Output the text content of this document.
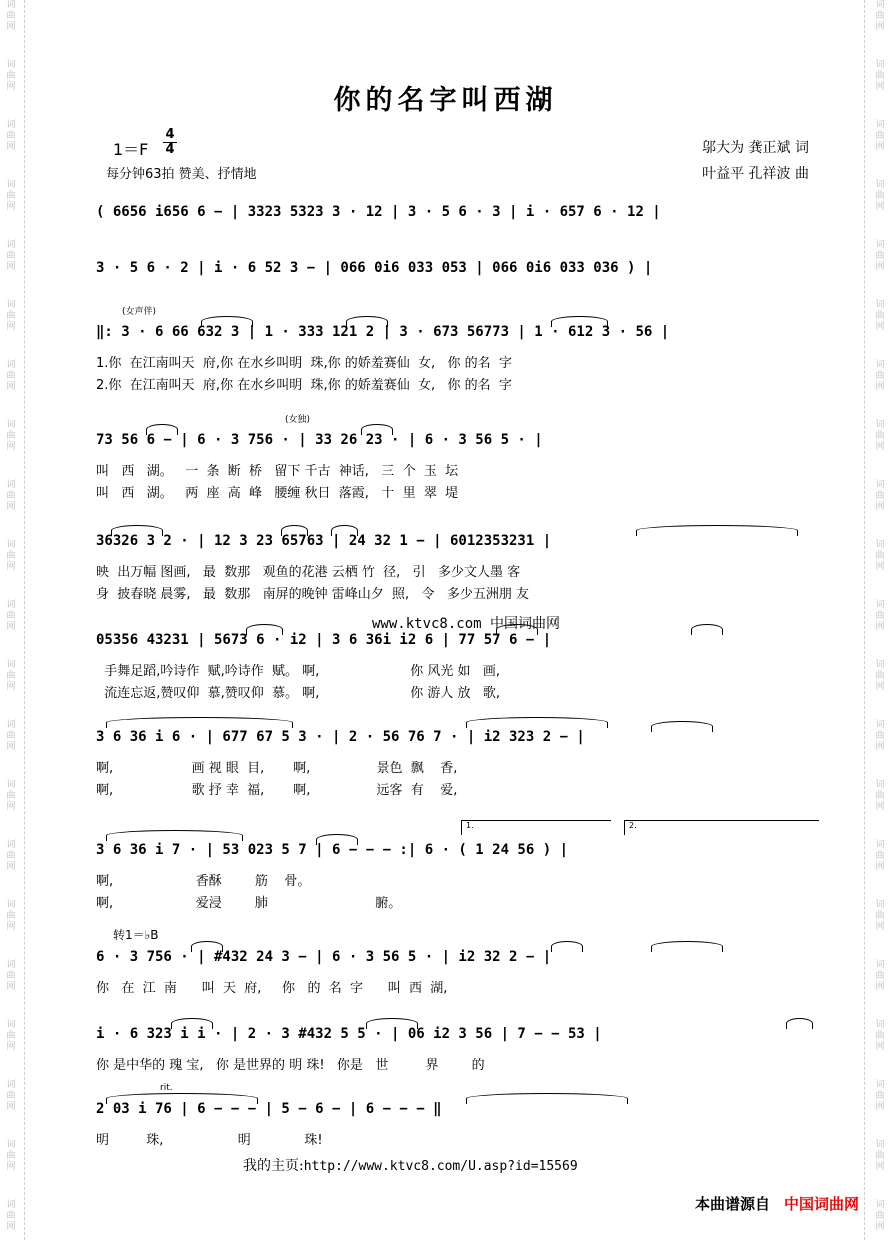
词
曲
网
词
曲
网
词
曲
网
词
曲
网
词
曲
网
词
曲
网
词
曲
网
词
曲
网
词
曲
网
词
曲
网
词
曲
网
词
曲
网
词
曲
网
词
曲
网
词
曲
网
词
曲
网
词
曲
网
词
曲
网
词
曲
网
词
曲
网
词
曲
网
词
曲
网
词
曲
网
词
曲
网
词
曲
网
词
曲
网
词
曲
网
词
曲
网
词
曲
网
词
曲
网
词
曲
网
词
曲
网
词
曲
网
词
曲
网
词
曲
网
词
曲
网
词
曲
网
词
曲
网
词
曲
网
词
曲
网
词
曲
网
词
曲
网
你的名字叫西湖
1＝F
4
4
每分钟63拍 赞美、抒情地
邬大为 龚正斌 词
叶益平 孔祥波 曲
( 6656 i656 6 − | 3323 5323 3 · 12 | 3 · 5 6 · 3 | i · 657 6 · 12 |
3 · 5 6 · 2 | i · 6 52 3 − | 066 0i6 033 053 | 066 0i6 033 036 ) |
(女声伴)
‖: 3 · 6 66 632 3 | 1 · 333 121 2 | 3 · 673 56773 | 1 · 612 3 · 56 |
1.你  在江南叫天  府,你 在水乡叫明  珠,你 的娇羞赛仙  女,   你 的名  字
2.你  在江南叫天  府,你 在水乡叫明  珠,你 的娇羞赛仙  女,   你 的名  字
(女独)
73 56 6 − | 6 · 3 756 · | 33 26 23 · | 6 · 3 56 5 · |
叫   西   湖。   一  条  断  桥   留下 千古  神话,   三  个  玉  坛
叫   西   湖。   两  座  高  峰   腰缠 秋日  落霞,   十  里  翠  堤
36326 3 2 · | 12 3 23 65763 | 24 32 1 − | 6012353231 |
映  出万幅 图画,   最  数那   观鱼的花港 云栖 竹  径,   引   多少文人墨 客
身  披春晓 晨雾,   最  数那   南屏的晚钟 雷峰山夕  照,   令   多少五洲朋 友
www.ktvc8.com 中国词曲网
05356 43231 | 5673 6 · i2 | 3 6 36i i2 6 | 77 57 6 − |
手舞足蹈,吟诗作  赋,吟诗作  赋。 啊,                      你 风光 如   画,
流连忘返,赞叹仰  慕,赞叹仰  慕。 啊,                      你 游人 放   歌,
3 6 36 i 6 · | 677 67 5 3 · | 2 · 56 76 7 · | i2 323 2 − |
啊,                   画 视 眼  目,       啊,                景色  飘    香,
啊,                   歌 抒 幸  福,       啊,                远客  有    爱,
1.	2.
3 6 36 i 7 · | 53 023 5 7 | 6 − − − :| 6 · ( 1 24 56 ) |
啊,                    香酥        筋    骨。
啊,                    爱浸        肺                          腑。
转1＝♭B
6 · 3 756 · | #432 24 3 − | 6 · 3 56 5 · | i2 32 2 − |
你   在  江  南      叫  天  府,     你   的  名  字      叫  西  湖,
i · 6 323 i i · | 2 · 3 #432 5 5 · | 06 i2 3 56 | 7 − − 53 |
你 是中华的 瑰 宝,   你 是世界的 明 珠!   你是   世         界        的
rit.
2 03 i 76 | 6 − − − | 5 − 6 − | 6 − − − ‖
明         珠,                  明             珠!
我的主页:http://www.ktvc8.com/U.asp?id=15569
本曲谱源自 中国词曲网
